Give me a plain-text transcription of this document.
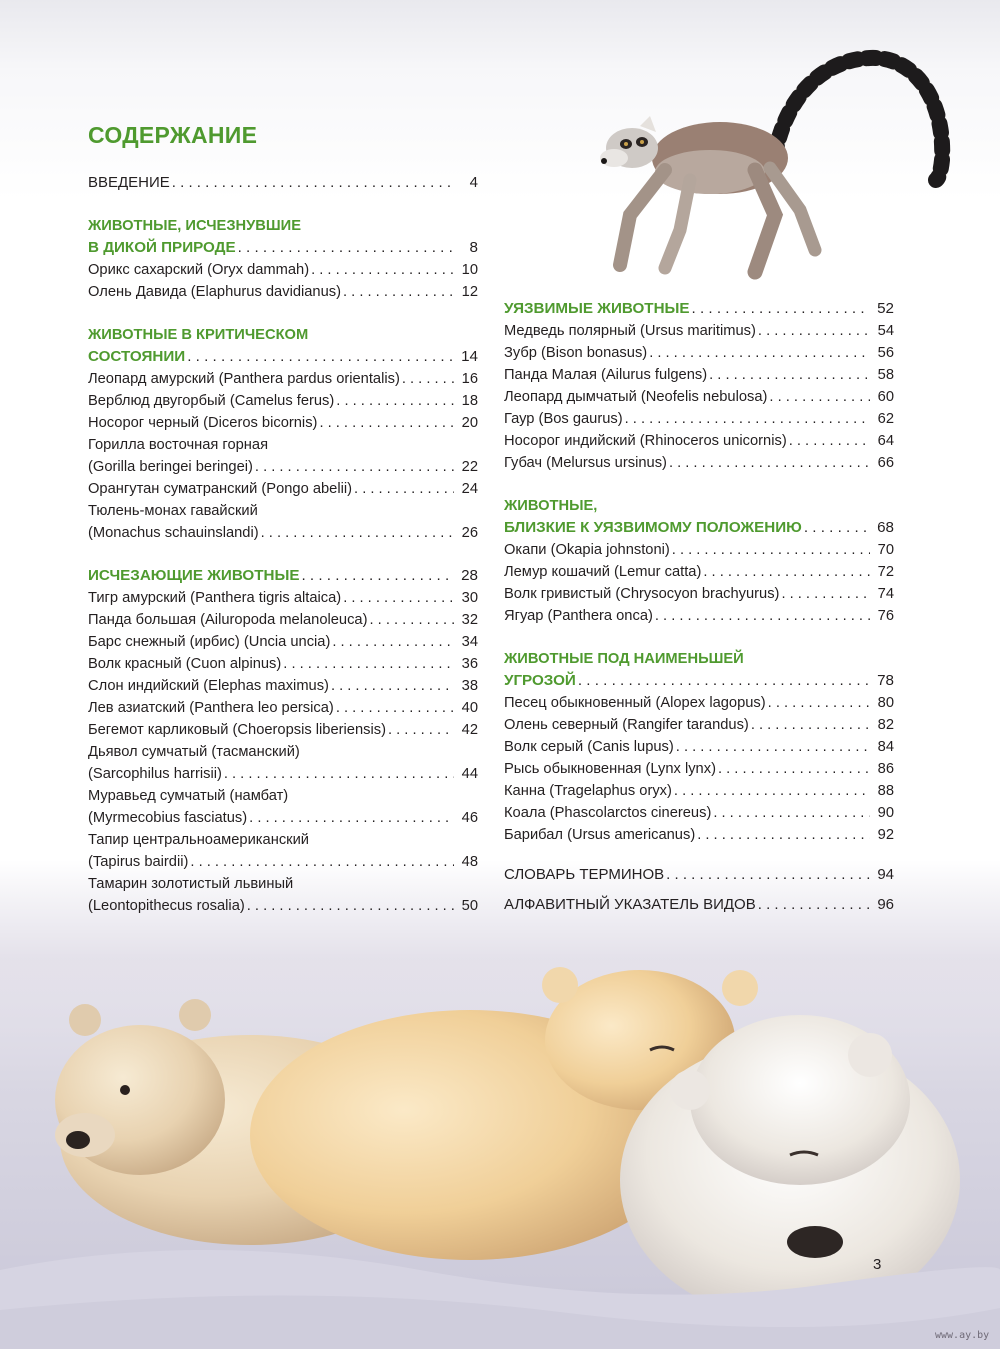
СОДЕРЖАНИЕ
ВВЕДЕНИЕ . . .	4
ЖИВОТНЫЕ, ИСЧЕЗНУВШИЕ
В ДИКОЙ ПРИРОДЕ . . .	8
Орикс сахарский (Oryx dammah) . . .	10
Олень Давида (Elaphurus davidianus) . . .	12
ЖИВОТНЫЕ В КРИТИЧЕСКОМ
СОСТОЯНИИ . . .	14
Леопард амурский (Panthera pardus orientalis) . . .	16
Верблюд двугорбый (Camelus ferus) . . .	18
Носорог черный (Diceros bicornis) . . .	20
Горилла восточная горная
(Gorilla beringei beringei) . . .	22
Орангутан суматранский (Pongo abelii) . . .	24
Тюлень-монах гавайский
(Monachus schauinslandi) . . .	26
ИСЧЕЗАЮЩИЕ ЖИВОТНЫЕ . . .	28
Тигр амурский (Panthera tigris altaica) . . .	30
Панда большая (Ailuropoda melanoleuca) . . .	32
Барс снежный (ирбис) (Uncia uncia) . . .	34
Волк красный (Cuon alpinus) . . .	36
Слон индийский (Elephas maximus) . . .	38
Лев азиатский (Panthera leo persica) . . .	40
Бегемот карликовый (Choeropsis liberiensis) . . .	42
Дьявол сумчатый (тасманский)
(Sarcophilus harrisii) . . .	44
Муравьед сумчатый (намбат)
(Myrmecobius fasciatus) . . .	46
Тапир центральноамериканский
(Tapirus bairdii) . . .	48
Тамарин золотистый львиный
(Leontopithecus rosalia) . . .	50
УЯЗВИМЫЕ ЖИВОТНЫЕ . . .	52
Медведь полярный (Ursus maritimus) . . .	54
Зубр (Bison bonasus) . . .	56
Панда Малая (Ailurus fulgens) . . .	58
Леопард дымчатый (Neofelis nebulosa) . . .	60
Гаур (Bos gaurus) . . .	62
Носорог индийский (Rhinoceros unicornis) . . .	64
Губач (Melursus ursinus) . . .	66
ЖИВОТНЫЕ,
БЛИЗКИЕ К УЯЗВИМОМУ ПОЛОЖЕНИЮ . . .	68
Окапи (Okapia johnstoni) . . .	70
Лемур кошачий (Lemur catta) . . .	72
Волк гривистый (Chrysocyon brachyurus) . . .	74
Ягуар (Panthera onca) . . .	76
ЖИВОТНЫЕ ПОД НАИМЕНЬШЕЙ
УГРОЗОЙ . . .	78
Песец обыкновенный (Alopex lagopus) . . .	80
Олень северный (Rangifer tarandus) . . .	82
Волк серый (Canis lupus) . . .	84
Рысь обыкновенная (Lynx lynx) . . .	86
Канна (Tragelaphus oryx) . . .	88
Коала (Phascolarctos cinereus) . . .	90
Барибал (Ursus americanus) . . .	92
СЛОВАРЬ ТЕРМИНОВ . . .	94
АЛФАВИТНЫЙ УКАЗАТЕЛЬ ВИДОВ . . .	96
3
www.ay.by
